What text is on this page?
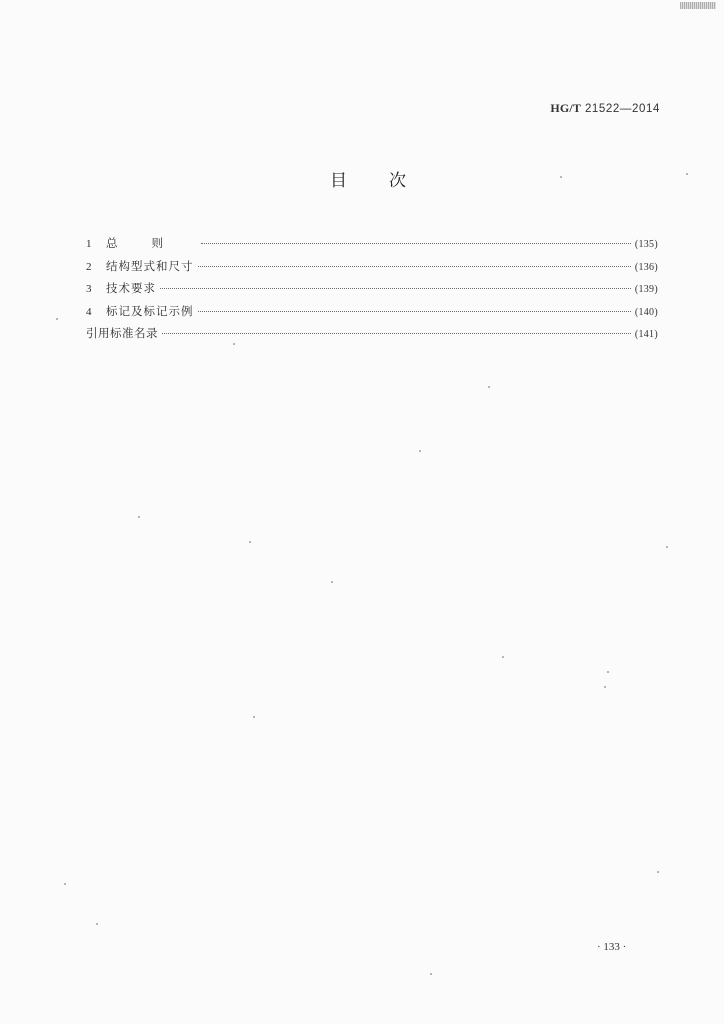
HG/T 21522—2014
目次
1	总则	(135)
2	结构型式和尺寸	(136)
3	技术要求	(139)
4	标记及标记示例	(140)
引用标准名录	(141)
· 133 ·
